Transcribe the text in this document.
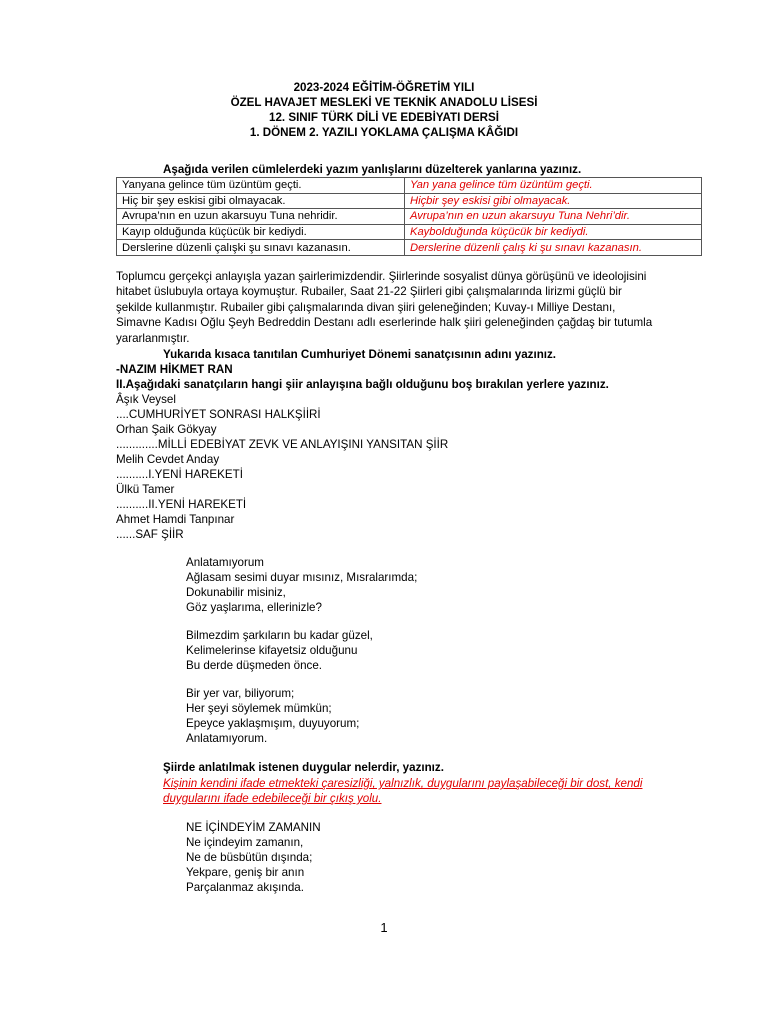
2023-2024 EĞİTİM-ÖĞRETİM YILI
ÖZEL HAVAJET MESLEKİ VE TEKNİK ANADOLU LİSESİ
12. SINIF TÜRK DİLİ VE EDEBİYATI DERSİ
1. DÖNEM 2. YAZILI YOKLAMA ÇALIŞMA KÂĞIDI
Aşağıda verilen cümlelerdeki yazım yanlışlarını düzelterek yanlarına yazınız.
Yanyana gelince tüm üzüntüm geçti.	Yan yana gelince tüm üzüntüm geçti.
Hiç bir şey eskisi gibi olmayacak.	Hiçbir şey eskisi gibi olmayacak.
Avrupa’nın en uzun akarsuyu Tuna nehridir.	Avrupa’nın en uzun akarsuyu Tuna Nehri’dir.
Kayıp olduğunda küçücük bir kediydi.	Kaybolduğunda küçücük bir kediydi.
Derslerine düzenli çalışki şu sınavı kazanasın.	Derslerine düzenli çalış ki şu sınavı kazanasın.
Toplumcu gerçekçi anlayışla yazan şairlerimizdendir. Şiirlerinde sosyalist dünya görüşünü ve ideolojisini hitabet üslubuyla ortaya koymuştur. Rubailer, Saat 21-22 Şiirleri gibi çalışmalarında lirizmi güçlü bir şekilde kullanmıştır. Rubailer gibi çalışmalarında divan şiiri geleneğinden; Kuvay-ı Milliye Destanı, Simavne Kadısı Oğlu Şeyh Bedreddin Destanı adlı eserlerinde halk şiiri geleneğinden çağdaş bir tutumla yararlanmıştır.
Yukarıda kısaca tanıtılan Cumhuriyet Dönemi sanatçısının adını yazınız.
-NAZIM HİKMET RAN
II.Aşağıdaki sanatçıların hangi şiir anlayışına bağlı olduğunu boş bırakılan yerlere yazınız.
Âşık Veysel
....CUMHURİYET SONRASI HALKŞİİRİ
Orhan Şaik Gökyay
.............MİLLİ EDEBİYAT ZEVK VE ANLAYIŞINI YANSITAN ŞİİR
Melih Cevdet Anday
..........I.YENİ HAREKETİ
Ülkü Tamer
..........II.YENİ HAREKETİ
Ahmet Hamdi Tanpınar
......SAF ŞİİR
Anlatamıyorum
Ağlasam sesimi duyar mısınız, Mısralarımda;
Dokunabilir misiniz,
Göz yaşlarıma, ellerinizle?
Bilmezdim şarkıların bu kadar güzel,
Kelimelerinse kifayetsiz olduğunu
Bu derde düşmeden önce.
Bir yer var, biliyorum;
Her şeyi söylemek mümkün;
Epeyce yaklaşmışım, duyuyorum;
Anlatamıyorum.
Şiirde anlatılmak istenen duygular nelerdir, yazınız.
Kişinin kendini ifade etmekteki çaresizliği, yalnızlık, duygularını paylaşabileceği bir dost, kendi
duygularını ifade edebileceği bir çıkış yolu.
NE İÇİNDEYİM ZAMANIN
Ne içindeyim zamanın,
Ne de büsbütün dışında;
Yekpare, geniş bir anın
Parçalanmaz akışında.
1
